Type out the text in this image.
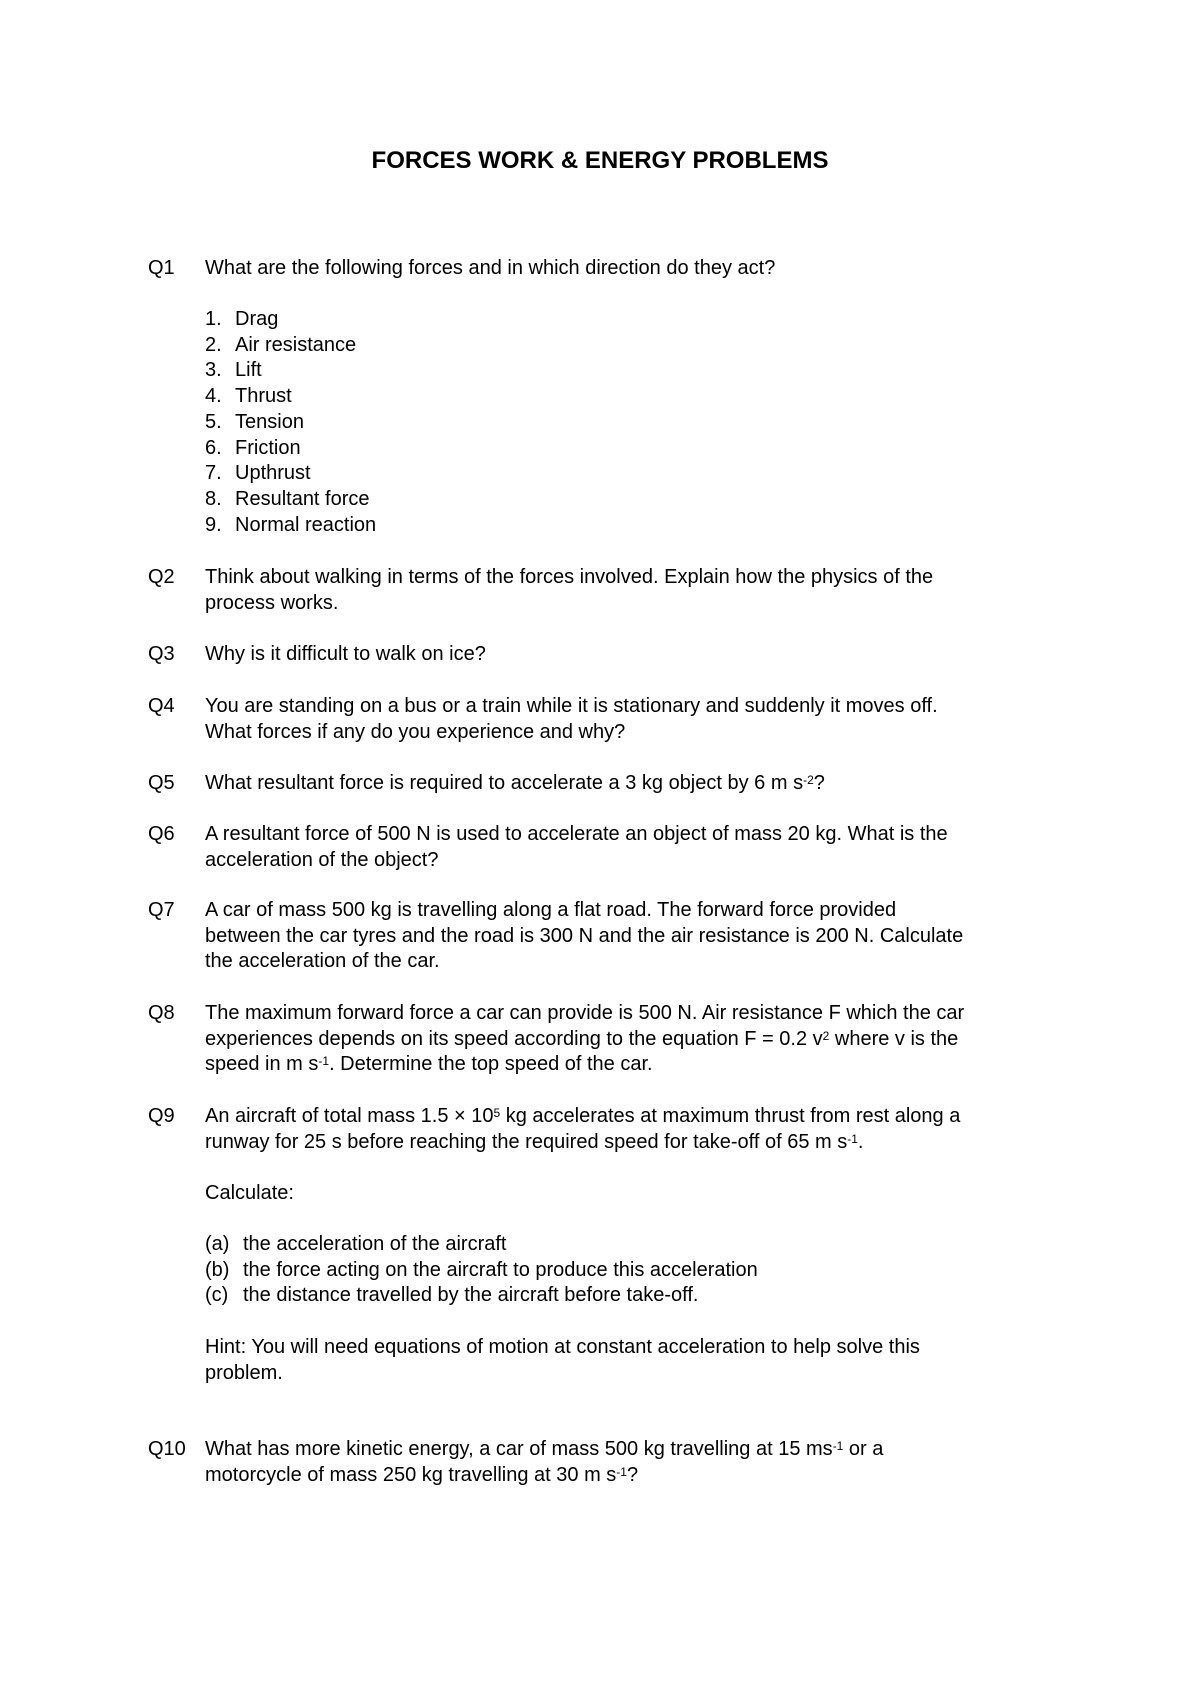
FORCES WORK & ENERGY PROBLEMS
Q1	What are the following forces and in which direction do they act?
1. Drag
2. Air resistance
3. Lift
4. Thrust
5. Tension
6. Friction
7. Upthrust
8. Resultant force
9. Normal reaction
Q2	Think about walking in terms of the forces involved. Explain how the physics of the
process works.
Q3	Why is it difficult to walk on ice?
Q4	You are standing on a bus or a train while it is stationary and suddenly it moves off.
What forces if any do you experience and why?
Q5	What resultant force is required to accelerate a 3 kg object by 6 m $s^{-2}$?
Q6	A resultant force of 500 N is used to accelerate an object of mass 20 kg. What is the
acceleration of the object?
Q7	A car of mass 500 kg is travelling along a flat road. The forward force provided
between the car tyres and the road is 300 N and the air resistance is 200 N. Calculate
the acceleration of the car.
Q8	The maximum forward force a car can provide is 500 N. Air resistance F which the car
experiences depends on its speed according to the equation F = 0.2 $v^2$ where v is the
speed in m $s^{-1}$. Determine the top speed of the car.
Q9	An aircraft of total mass $1.5 \times 10^5$ kg accelerates at maximum thrust from rest along a
runway for 25 s before reaching the required speed for take-off of 65 m $s^{-1}$.
Calculate:
(a) the acceleration of the aircraft
(b) the force acting on the aircraft to produce this acceleration
(c) the distance travelled by the aircraft before take-off.
Hint: You will need equations of motion at constant acceleration to help solve this
problem.
Q10 What has more kinetic energy, a car of mass 500 kg travelling at 15 $ms^{-1}$ or a
motorcycle of mass 250 kg travelling at 30 m $s^{-1}$?
